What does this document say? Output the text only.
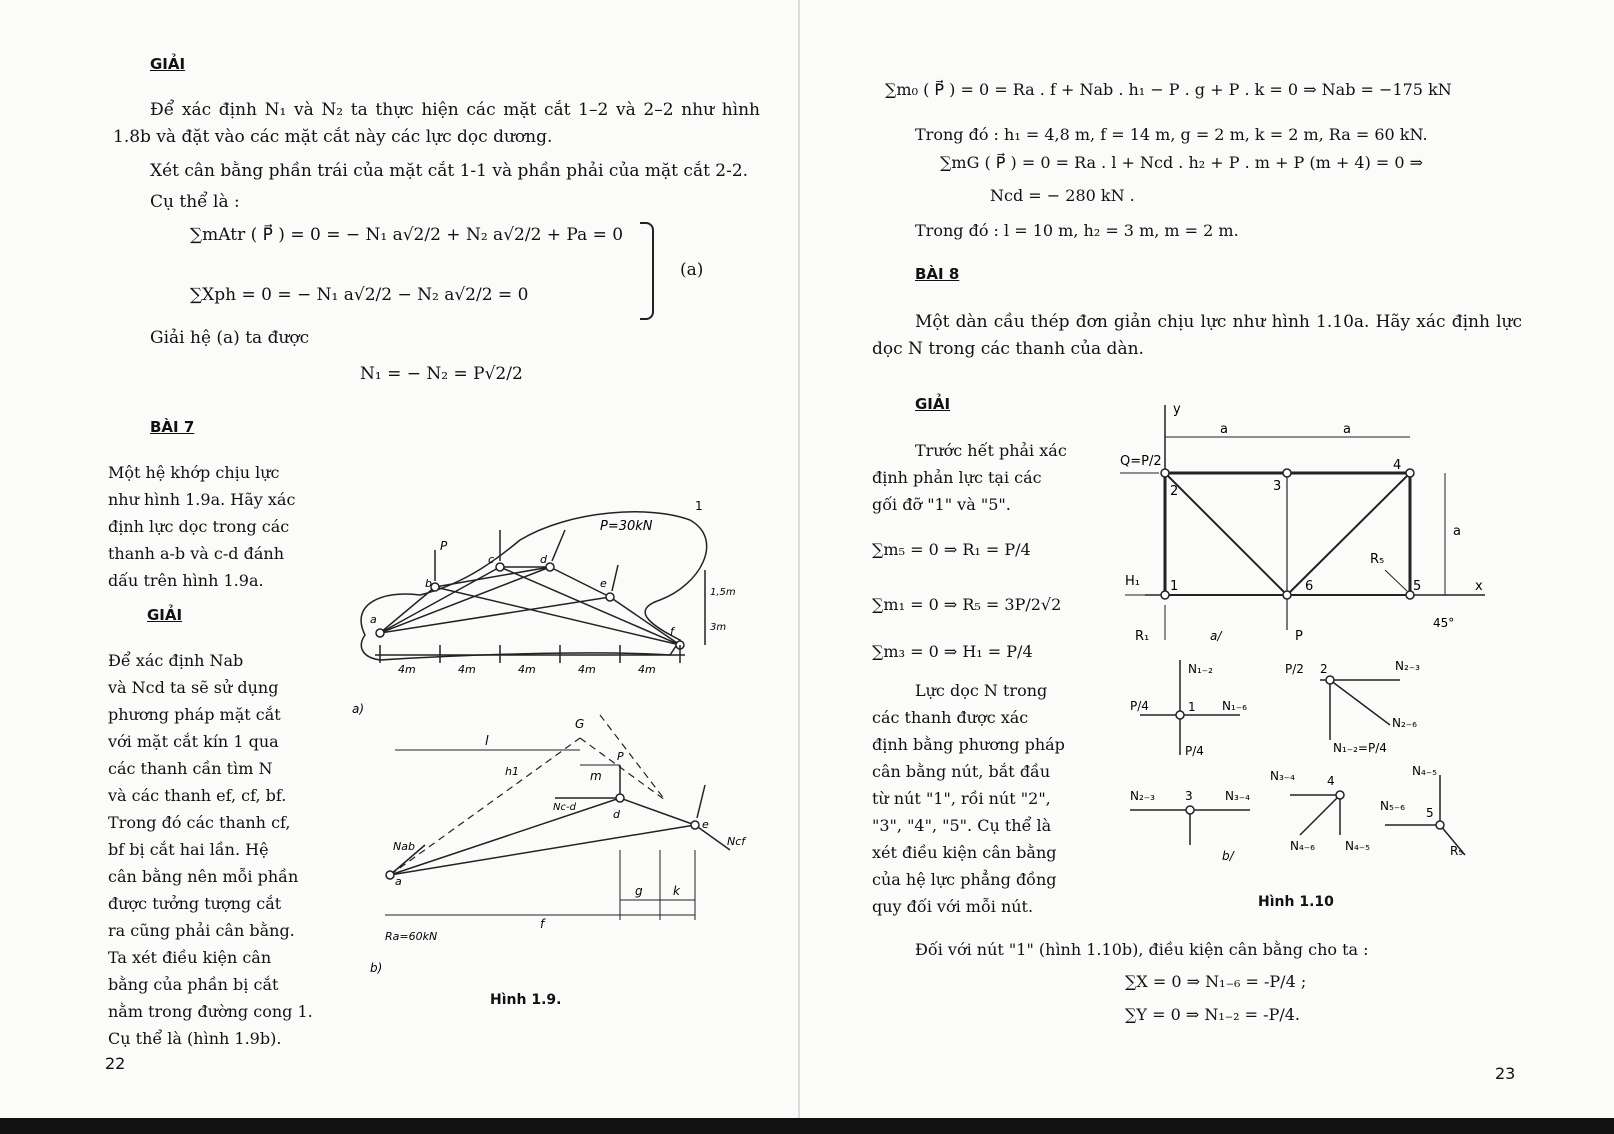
GIẢI
Để xác định N₁ và N₂ ta thực hiện các mặt cắt 1–2 và 2–2 như hình 1.8b và đặt vào các mặt cắt này các lực dọc dương.
Xét cân bằng phần trái của mặt cắt 1-1 và phần phải của mặt cắt 2-2.
Cụ thể là :
∑mAtr ( P⃗ ) = 0 = − N₁ a√2/2 + N₂ a√2/2 + Pa = 0
∑Xph = 0 = − N₁ a√2/2 − N₂ a√2/2 = 0
(a)
Giải hệ (a) ta được
N₁ = − N₂ = P√2/2
BÀI 7
Một hệ khớp chịu lực
như hình 1.9a. Hãy xác
định lực dọc trong các
thanh a-b và c-d đánh
dấu trên hình 1.9a.
GIẢI
Để xác định Nab
và Ncd ta sẽ sử dụng
phương pháp mặt cắt
với mặt cắt kín 1 qua
các thanh cần tìm N
và các thanh ef, cf, bf.
Trong đó các thanh cf,
bf bị cắt hai lần. Hệ
cân bằng nên mỗi phần
được tưởng tượng cắt
ra cũng phải cân bằng.
Ta xét điều kiện cân
bằng của phần bị cắt
nằm trong đường cong 1.
Cụ thể là (hình 1.9b).
P=30kN
1
P
a
b
c	d
e
f
4m	4m	4m	4m	4m
1,5m
3m
a)
l
m
G
h1
Nc-d
Nab	Ncf
d
e
a
g	k
f
Ra=60kN
P
b)
Hình 1.9.
22
∑m₀ ( P⃗ ) = 0 = Ra . f + Nab . h₁ − P . g + P . k = 0 ⇒ Nab = −175 kN
Trong đó : h₁ = 4,8 m, f = 14 m, g = 2 m, k = 2 m, Ra = 60 kN.
∑mG ( P⃗ ) = 0 = Ra . l + Ncd . h₂ + P . m + P (m + 4) = 0 ⇒
Ncd = − 280 kN .
Trong đó : l = 10 m, h₂ = 3 m, m = 2 m.
BÀI 8
Một dàn cầu thép đơn giản chịu lực như hình 1.10a. Hãy xác định lực dọc N trong các thanh của dàn.
GIẢI
Trước hết phải xác
định phản lực tại các
gối đỡ "1" và "5".
∑m₅ = 0 ⇒ R₁ = P/4
∑m₁ = 0 ⇒ R₅ = 3P/2√2
∑m₃ = 0 ⇒ H₁ = P/4
Lực dọc N trong
các thanh được xác
định bằng phương pháp
cân bằng nút, bắt đầu
từ nút "1", rồi nút "2",
"3", "4", "5". Cụ thể là
xét điều kiện cân bằng
của hệ lực phẳng đồng
quy đối với mỗi nút.
y
x
a	a
a
Q=P/2
1
2	3
4
5
6
H₁
R₁
R₅
P
45°
a/
N₁₋₂
P/4	1 N₁₋₆
P/4
P/2 2	N₂₋₃
N₂₋₆
N₁₋₂=P/4
N₂₋₃	3	N₃₋₄
N₃₋₄	4
N₄₋₆	N₄₋₅
N₄₋₅
N₅₋₆ 5
R₅
b/
Hình 1.10
Đối với nút "1" (hình 1.10b), điều kiện cân bằng cho ta :
∑X = 0 ⇒ N₁₋₆ = -P/4 ;
∑Y = 0 ⇒ N₁₋₂ = -P/4.
23
